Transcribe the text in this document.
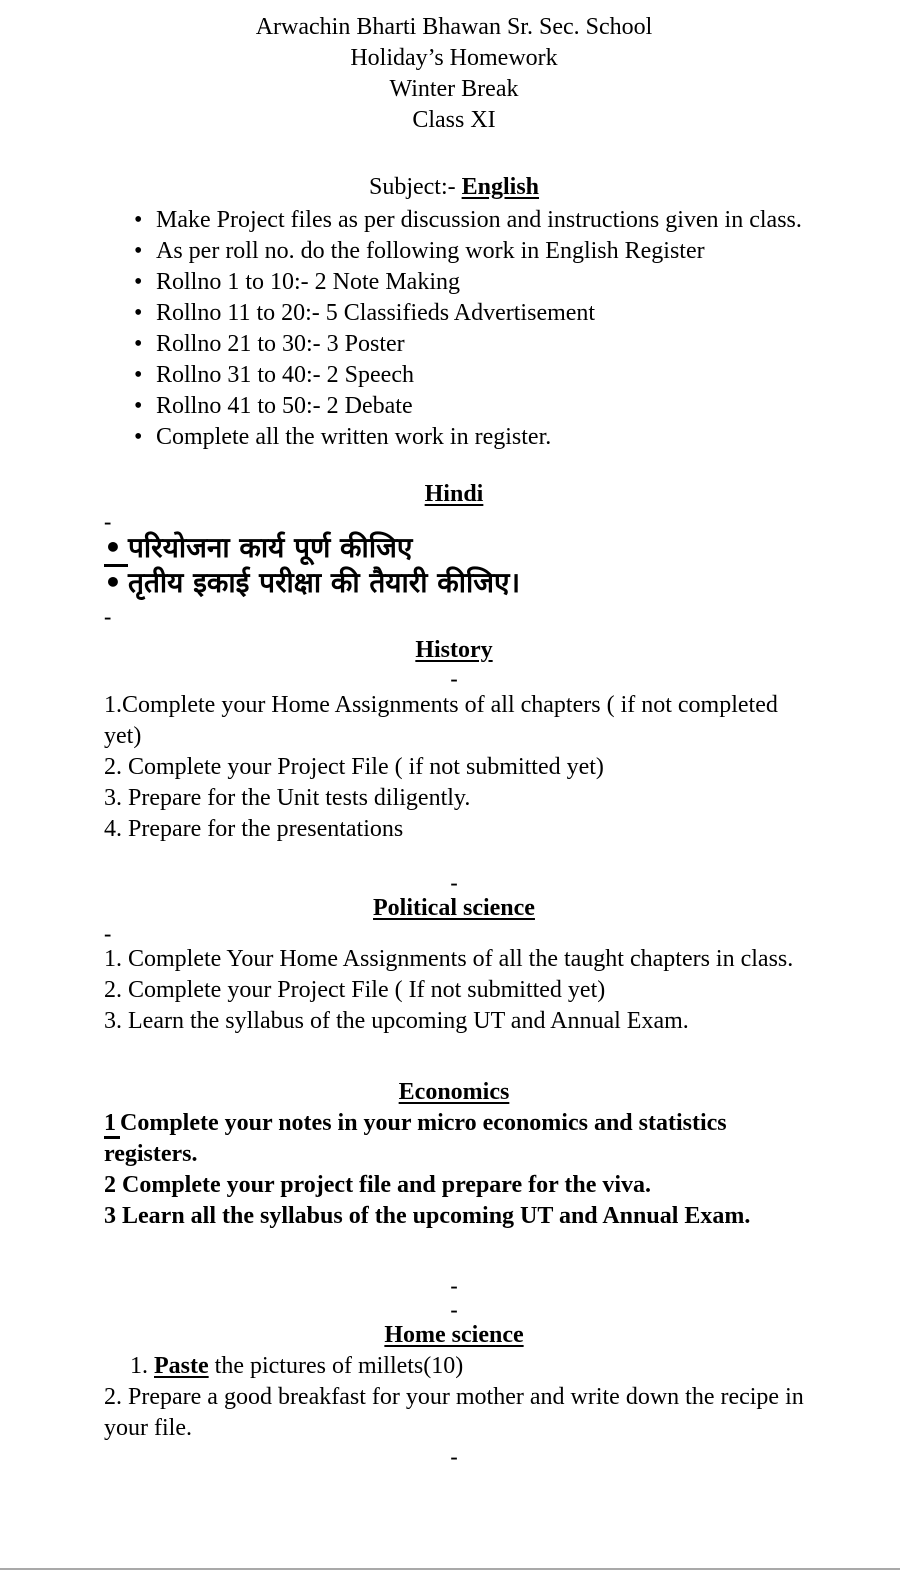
Arwachin Bharti Bhawan Sr. Sec. School
Holiday’s Homework
Winter Break
Class XI
Subject:- English
• Make Project files as per discussion and instructions given in class.
• As per roll no. do the following work in English Register
• Rollno 1 to 10:- 2 Note Making
• Rollno 11 to 20:- 5 Classifieds Advertisement
• Rollno 21 to 30:- 3 Poster
• Rollno 31 to 40:- 2 Speech
• Rollno 41 to 50:- 2 Debate
• Complete all the written work in register.
Hindi
-
• परियोजना कार्य पूर्ण कीजिए
• तृतीय इकाई परीक्षा की तैयारी कीजिए।
-
History
-

1.Complete your Home Assignments of all chapters ( if not completed yet)

2. Complete your Project File ( if not submitted yet)

3. Prepare for the Unit tests diligently.

4. Prepare for the presentations

-
Political science
-

1. Complete Your Home Assignments of all the taught chapters in class.

2. Complete your Project File ( If not submitted yet)

3. Learn the syllabus of the upcoming UT and Annual Exam.

Economics

1 Complete your notes in your micro economics and statistics registers.

2 Complete your project file and prepare for the viva.

3 Learn all the syllabus of the upcoming UT and Annual Exam.

-
-
Home science

1. Paste the pictures of millets(10)

2. Prepare a good breakfast for your mother and write down the recipe in your file.

-
